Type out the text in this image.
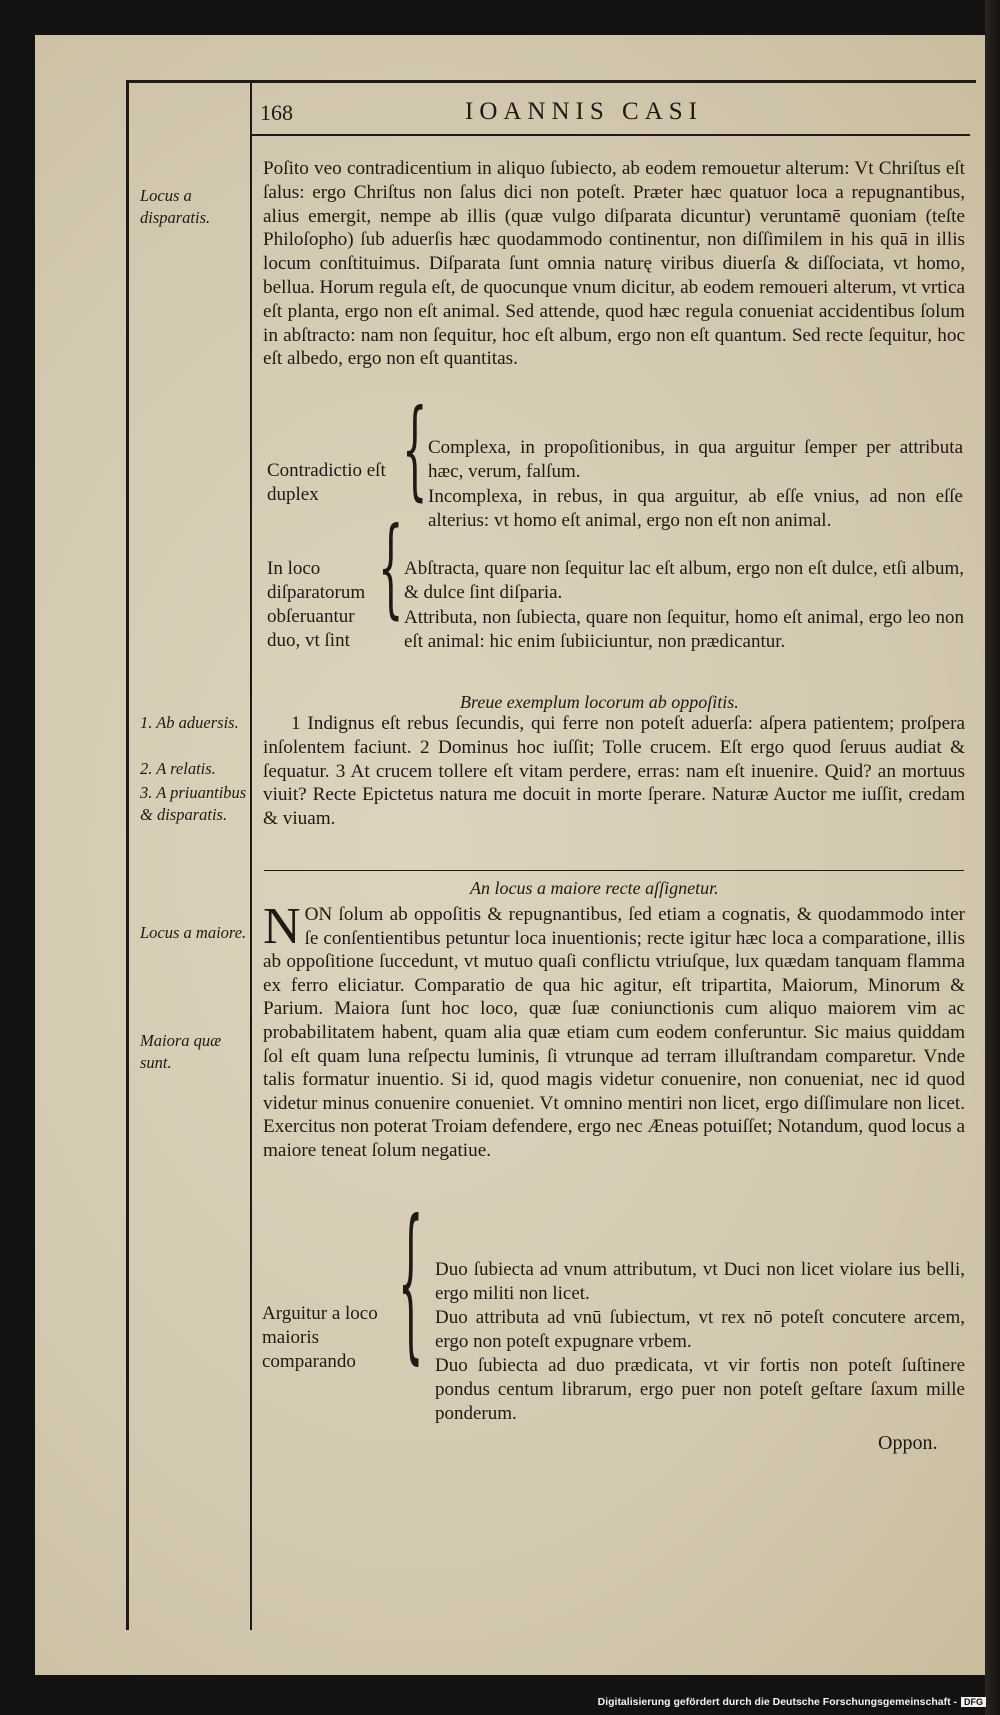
168	IOANNIS CASI
Locus a disparatis.
1. Ab aduersis.
2. A relatis.
3. A priuantibus & disparatis.
Locus a maiore.
Maiora quæ sunt.

Poſito veo contradicentium in aliquo ſubiecto, ab eodem remouetur alterum: Vt Chriſtus eſt ſalus: ergo Chriſtus non ſalus dici non poteſt. Præter hæc quatuor loca a repugnantibus, alius emergit, nempe ab illis (quæ vulgo diſparata dicuntur) veruntamē quoniam (teſte Philoſopho) ſub aduerſis hæc quodammodo continentur, non diſſimilem in his quā in illis locum conſtituimus. Diſparata ſunt omnia naturę viribus diuerſa & diſſociata, vt homo, bellua. Horum regula eſt, de quocunque vnum dicitur, ab eodem remoueri alterum, vt vrtica eſt planta, ergo non eſt animal. Sed attende, quod hæc regula conueniat accidentibus ſolum in abſtracto: nam non ſequitur, hoc eſt album, ergo non eſt quantum. Sed recte ſequitur, hoc eſt albedo, ergo non eſt quantitas.

Contradictio eſt duplex	{ Complexa, in propoſitionibus, in qua arguitur ſemper per attributa hæc, verum, falſum.
Incomplexa, in rebus, in qua arguitur, ab eſſe vnius, ad non eſſe alterius: vt homo eſt animal, ergo non eſt non animal.
In loco diſparatorum obſeruantur duo, vt ſint
{ Abſtracta, quare non ſequitur lac eſt album, ergo non eſt dulce, etſi album, & dulce ſint diſparia.
Attributa, non ſubiecta, quare non ſequitur, homo eſt animal, ergo leo non eſt animal: hic enim ſubiiciuntur, non prædicantur.
Breue exemplum locorum ab oppoſitis.

1 Indignus eſt rebus ſecundis, qui ferre non poteſt aduerſa: aſpera patientem; proſpera inſolentem faciunt. 2 Dominus hoc iuſſit; Tolle crucem. Eſt ergo quod ſeruus audiat & ſequatur. 3 At crucem tollere eſt vitam perdere, erras: nam eſt inuenire. Quid? an mortuus viuit? Recte Epictetus natura me docuit in morte ſperare. Naturæ Auctor me iuſſit, credam & viuam.

An locus a maiore recte aſſignetur.
N ON ſolum ab oppoſitis & repugnantibus, ſed etiam a cognatis, & quodammodo inter ſe conſentientibus petuntur loca inuentionis; recte igitur hæc loca a comparatione, illis ab oppoſitione ſuccedunt, vt mutuo quaſi conflictu vtriuſque, lux quædam tanquam flamma ex ferro eliciatur. Comparatio de qua hic agitur, eſt tripartita, Maiorum, Minorum & Parium. Maiora ſunt hoc loco, quæ ſuæ coniunctionis cum aliquo maiorem vim ac probabilitatem habent, quam alia quæ etiam cum eodem conferuntur. Sic maius quiddam ſol eſt quam luna reſpectu luminis, ſi vtrunque ad terram illuſtrandam comparetur. Vnde talis formatur inuentio. Si id, quod magis videtur conuenire, non conueniat, nec id quod videtur minus conuenire conueniet. Vt omnino mentiri non licet, ergo diſſimulare non licet. Exercitus non poterat Troiam defendere, ergo nec Æneas potuiſſet; Notandum, quod locus a maiore teneat ſolum negatiue.
Arguitur a loco maioris comparando	{ Duo ſubiecta ad vnum attributum, vt Duci non licet violare ius belli, ergo militi non licet.
Duo attributa ad vnū ſubiectum, vt rex nō poteſt concutere arcem, ergo non poteſt expugnare vrbem.
Duo ſubiecta ad duo prædicata, vt vir fortis non poteſt ſuſtinere pondus centum librarum, ergo puer non poteſt geſtare ſaxum mille ponderum.
Oppon.
Digitalisierung gefördert durch die Deutsche Forschungsgemeinschaft - DFG
